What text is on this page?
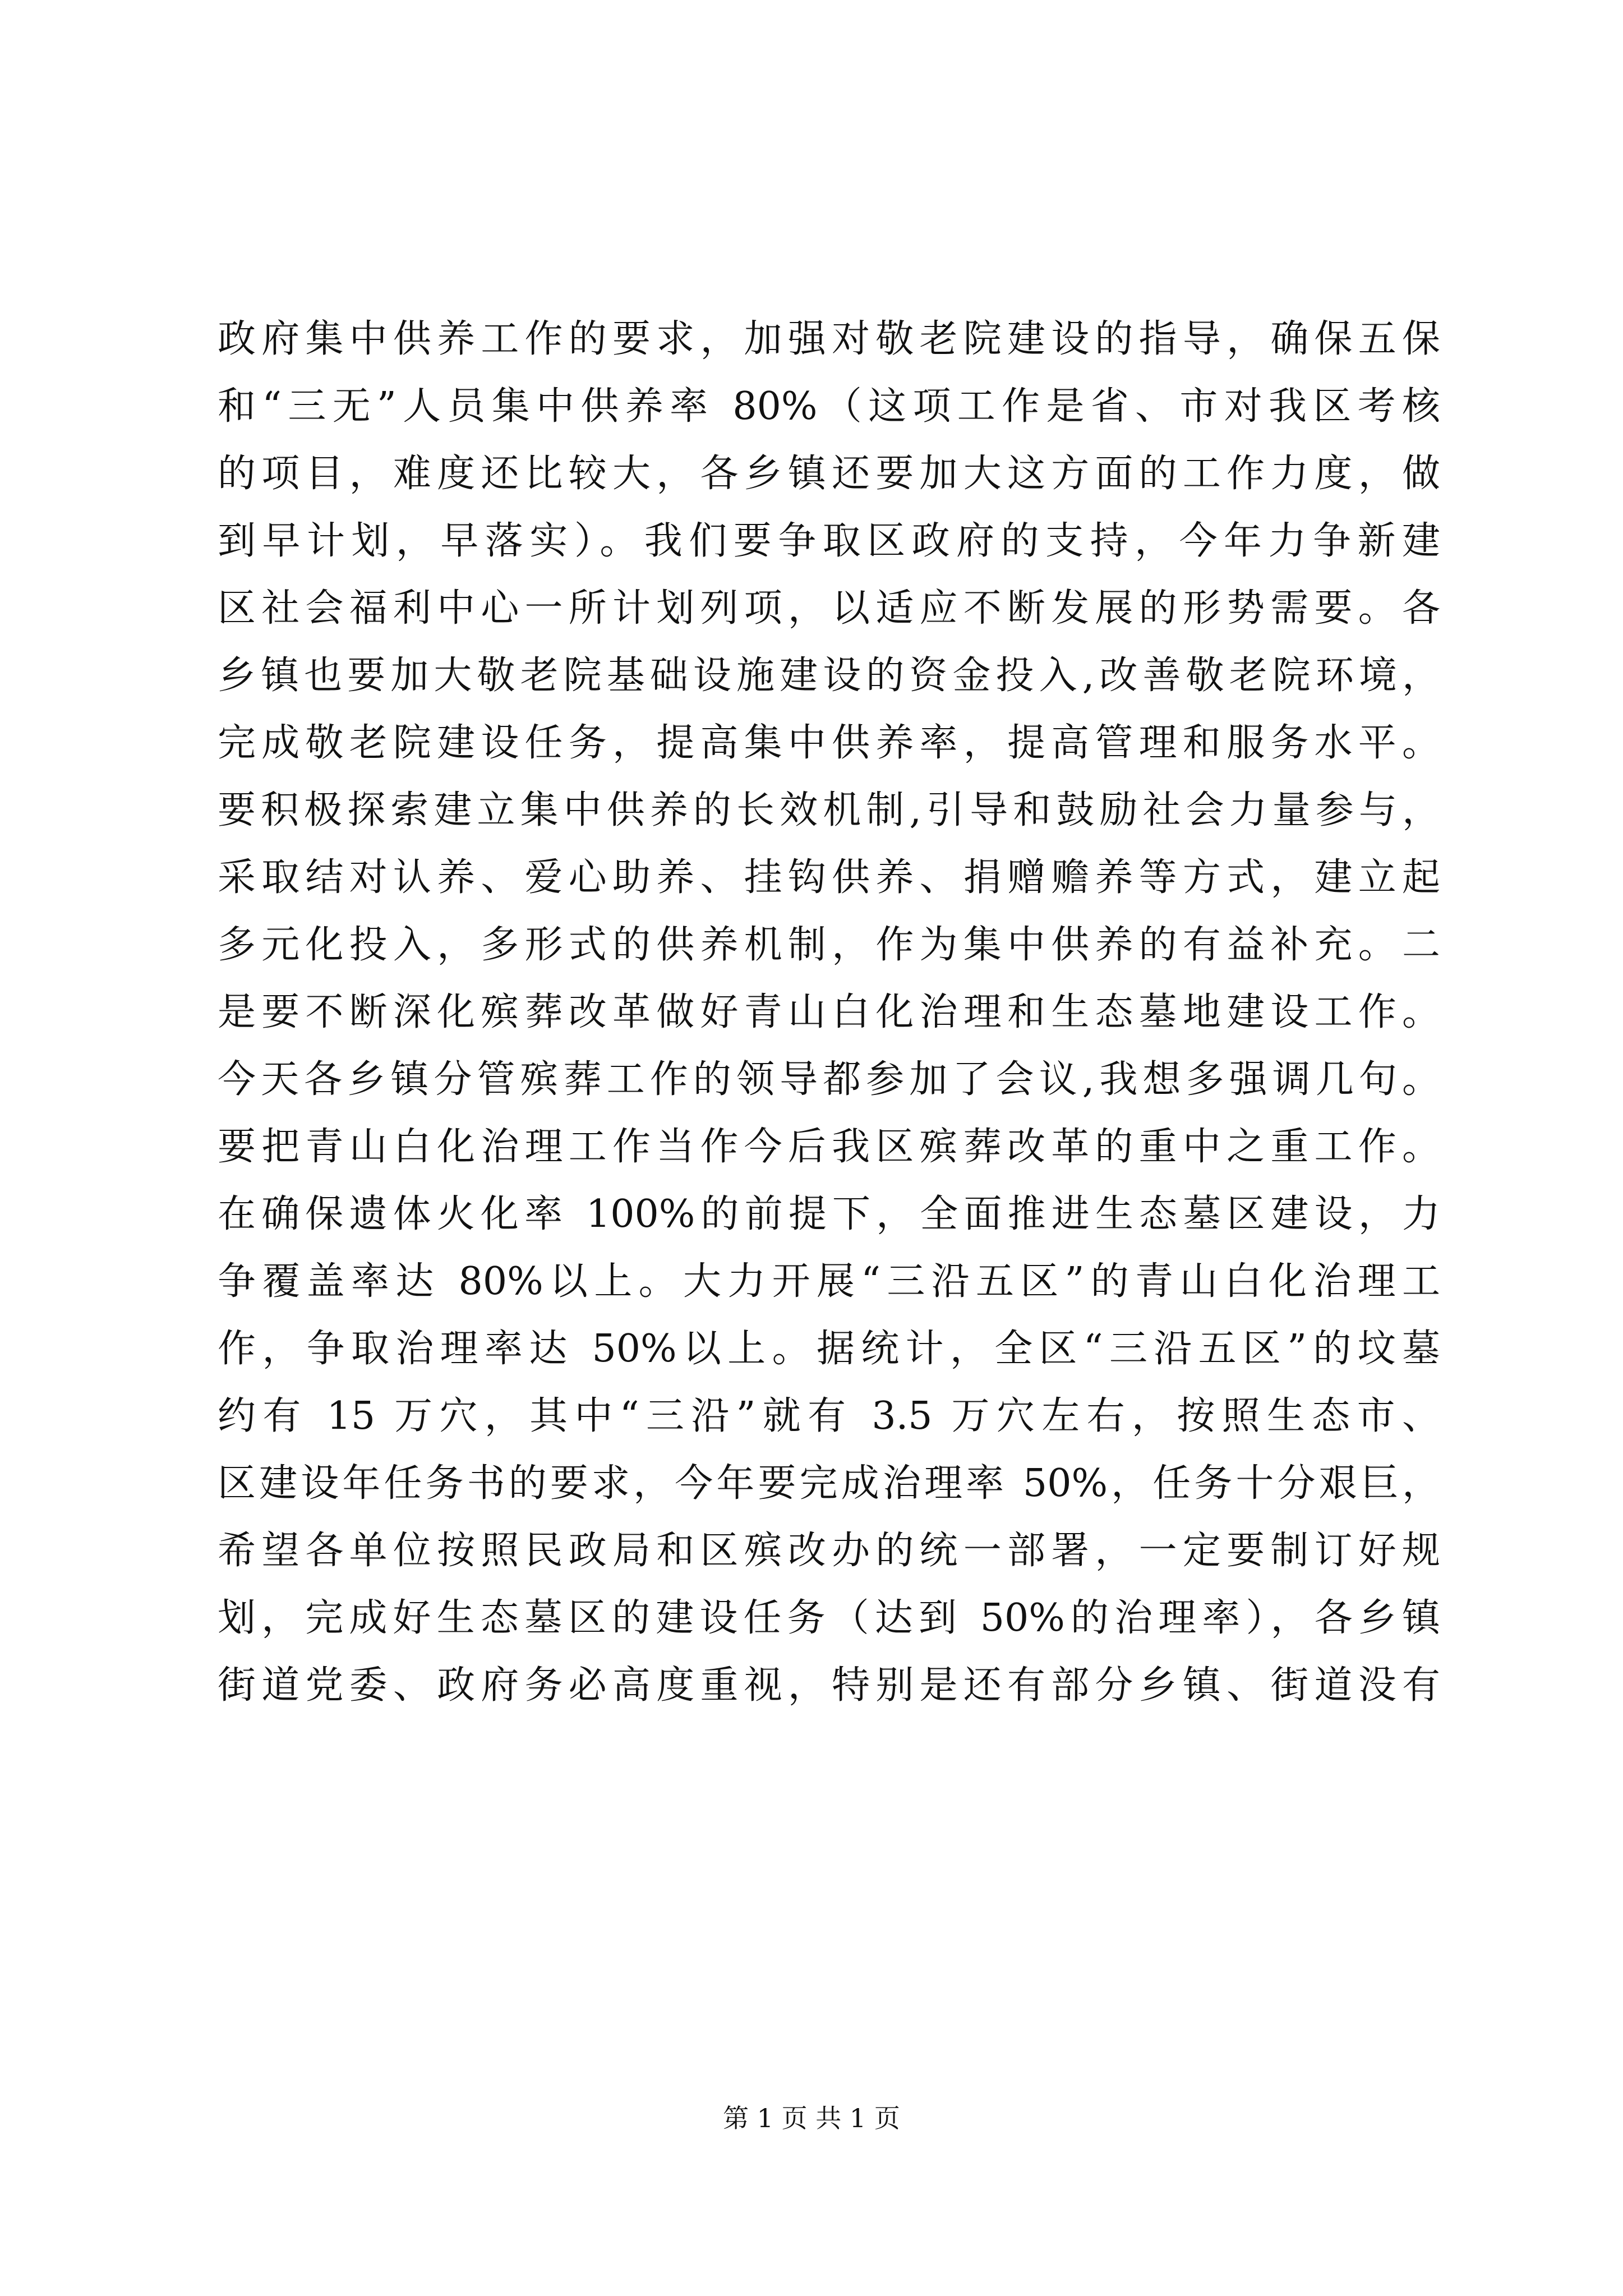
政府集中供养工作的要求，加强对敬老院建设的指导，确保五保
和“三无”人员集中供养率 80%（这项工作是省、市对我区考核
的项目，难度还比较大，各乡镇还要加大这方面的工作力度，做
到早计划，早落实）。我们要争取区政府的支持，今年力争新建
区社会福利中心一所计划列项，以适应不断发展的形势需要。各
乡镇也要加大敬老院基础设施建设的资金投入,改善敬老院环境，
完成敬老院建设任务，提高集中供养率，提高管理和服务水平。
要积极探索建立集中供养的长效机制,引导和鼓励社会力量参与，
采取结对认养、爱心助养、挂钩供养、捐赠赡养等方式，建立起
多元化投入，多形式的供养机制，作为集中供养的有益补充。二
是要不断深化殡葬改革做好青山白化治理和生态墓地建设工作。
今天各乡镇分管殡葬工作的领导都参加了会议,我想多强调几句。
要把青山白化治理工作当作今后我区殡葬改革的重中之重工作。
在确保遗体火化率 100%的前提下，全面推进生态墓区建设，力
争覆盖率达 80%以上。大力开展“三沿五区”的青山白化治理工
作，争取治理率达 50%以上。据统计，全区“三沿五区”的坟墓
约有 15 万穴，其中“三沿”就有 3.5 万穴左右，按照生态市、
区建设年任务书的要求，今年要完成治理率 50%，任务十分艰巨，
希望各单位按照民政局和区殡改办的统一部署，一定要制订好规
划，完成好生态墓区的建设任务（达到 50%的治理率），各乡镇
街道党委、政府务必高度重视，特别是还有部分乡镇、街道没有
第 1 页 共 1 页
